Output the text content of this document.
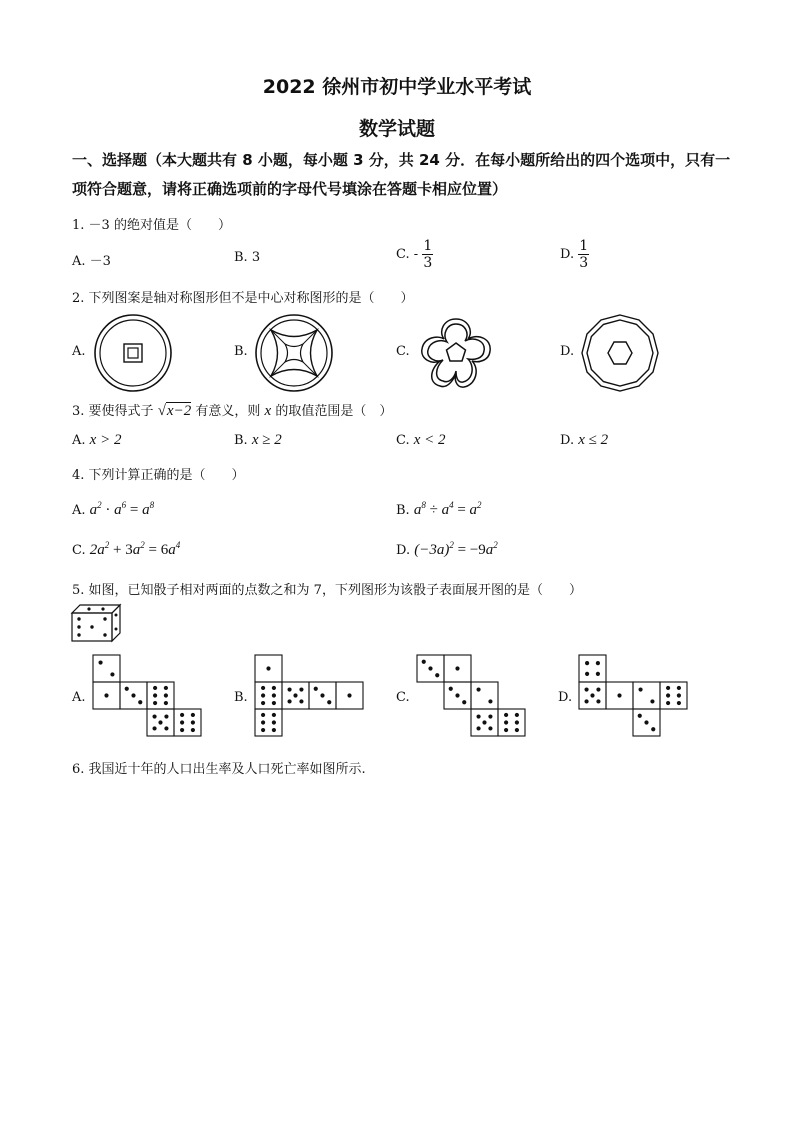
2022 徐州市初中学业水平考试
数学试题
一、选择题（本大题共有 8 小题，每小题 3 分，共 24 分．在每小题所给出的四个选项中，只有一项符合题意，请将正确选项前的字母代号填涂在答题卡相应位置）
1. －3 的绝对值是（　　）
A. －3	B. 3	C. - $\frac{1}{3}$	D. $\frac{1}{3}$
2. 下列图案是轴对称图形但不是中心对称图形的是（　　）
A.	B.	C.	D.
3. 要使得式子 √x−2 有意义，则 x 的取值范围是（　）
A. x > 2	B. x ≥ 2	C. x < 2	D. x ≤ 2
4. 下列计算正确的是（　　）
A. $a^2 \cdot a^6 = a^8$	B. $a^8 \div a^4 = a^2$
C. $2a^2 + 3a^2 = 6a^4$	D. $(-3a)^2 = -9a^2$
5. 如图，已知骰子相对两面的点数之和为 7，下列图形为该骰子表面展开图的是（　　）
A.	B.	C.	D.
6. 我国近十年的人口出生率及人口死亡率如图所示.
